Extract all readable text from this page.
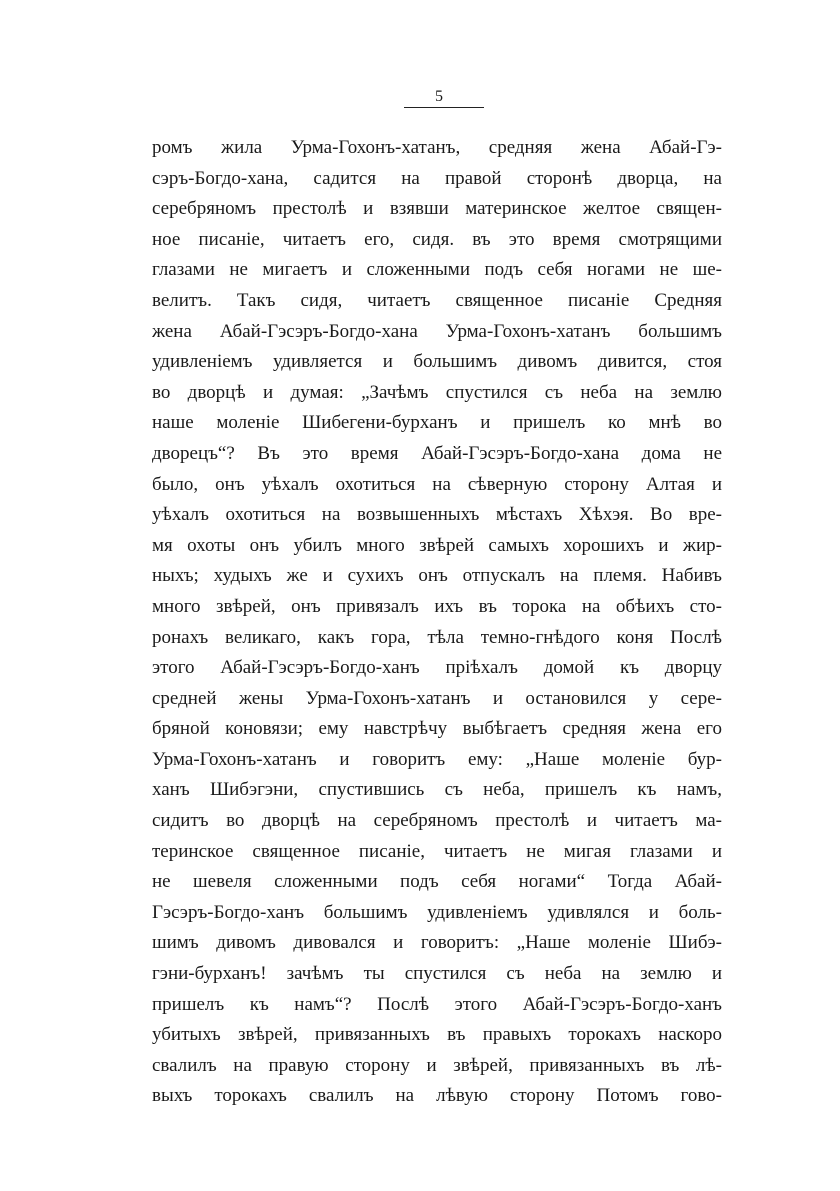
5
ромъ жила Урма-Гохонъ-хатанъ, средняя жена Абай-Гэ-
сэръ-Богдо-хана, садится на правой сторонѣ дворца, на
серебряномъ престолѣ и взявши материнское желтое священ-
ное писаніе, читаетъ его, сидя. въ это время смотрящими
глазами не мигаетъ и сложенными подъ себя ногами не ше-
велитъ. Такъ сидя, читаетъ священное писаніе Средняя
жена Абай-Гэсэръ-Богдо-хана Урма-Гохонъ-хатанъ большимъ
удивленіемъ удивляется и большимъ дивомъ дивится, стоя
во дворцѣ и думая: „Зачѣмъ спустился съ неба на землю
наше моленіе Шибегени-бурханъ и пришелъ ко мнѣ во
дворецъ“? Въ это время Абай-Гэсэръ-Богдо-хана дома не
было, онъ уѣхалъ охотиться на сѣверную сторону Алтая и
уѣхалъ охотиться на возвышенныхъ мѣстахъ Хѣхэя. Во вре-
мя охоты онъ убилъ много звѣрей самыхъ хорошихъ и жир-
ныхъ; худыхъ же и сухихъ онъ отпускалъ на племя. Набивъ
много звѣрей, онъ привязалъ ихъ въ торока на обѣихъ сто-
ронахъ великаго, какъ гора, тѣла темно-гнѣдого коня Послѣ
этого Абай-Гэсэръ-Богдо-ханъ пріѣхалъ домой къ дворцу
средней жены Урма-Гохонъ-хатанъ и остановился у сере-
бряной коновязи; ему навстрѣчу выбѣгаетъ средняя жена его
Урма-Гохонъ-хатанъ и говоритъ ему: „Наше моленіе бур-
ханъ Шибэгэни, спустившись съ неба, пришелъ къ намъ,
сидитъ во дворцѣ на серебряномъ престолѣ и читаетъ ма-
теринское священное писаніе, читаетъ не мигая глазами и
не шевеля сложенными подъ себя ногами“ Тогда Абай-
Гэсэръ-Богдо-ханъ большимъ удивленіемъ удивлялся и боль-
шимъ дивомъ дивовался и говоритъ: „Наше моленіе Шибэ-
гэни-бурханъ! зачѣмъ ты спустился съ неба на землю и
пришелъ къ намъ“? Послѣ этого Абай-Гэсэръ-Богдо-ханъ
убитыхъ звѣрей, привязанныхъ въ правыхъ торокахъ наскоро
свалилъ на правую сторону и звѣрей, привязанныхъ въ лѣ-
выхъ торокахъ свалилъ на лѣвую сторону Потомъ гово-
